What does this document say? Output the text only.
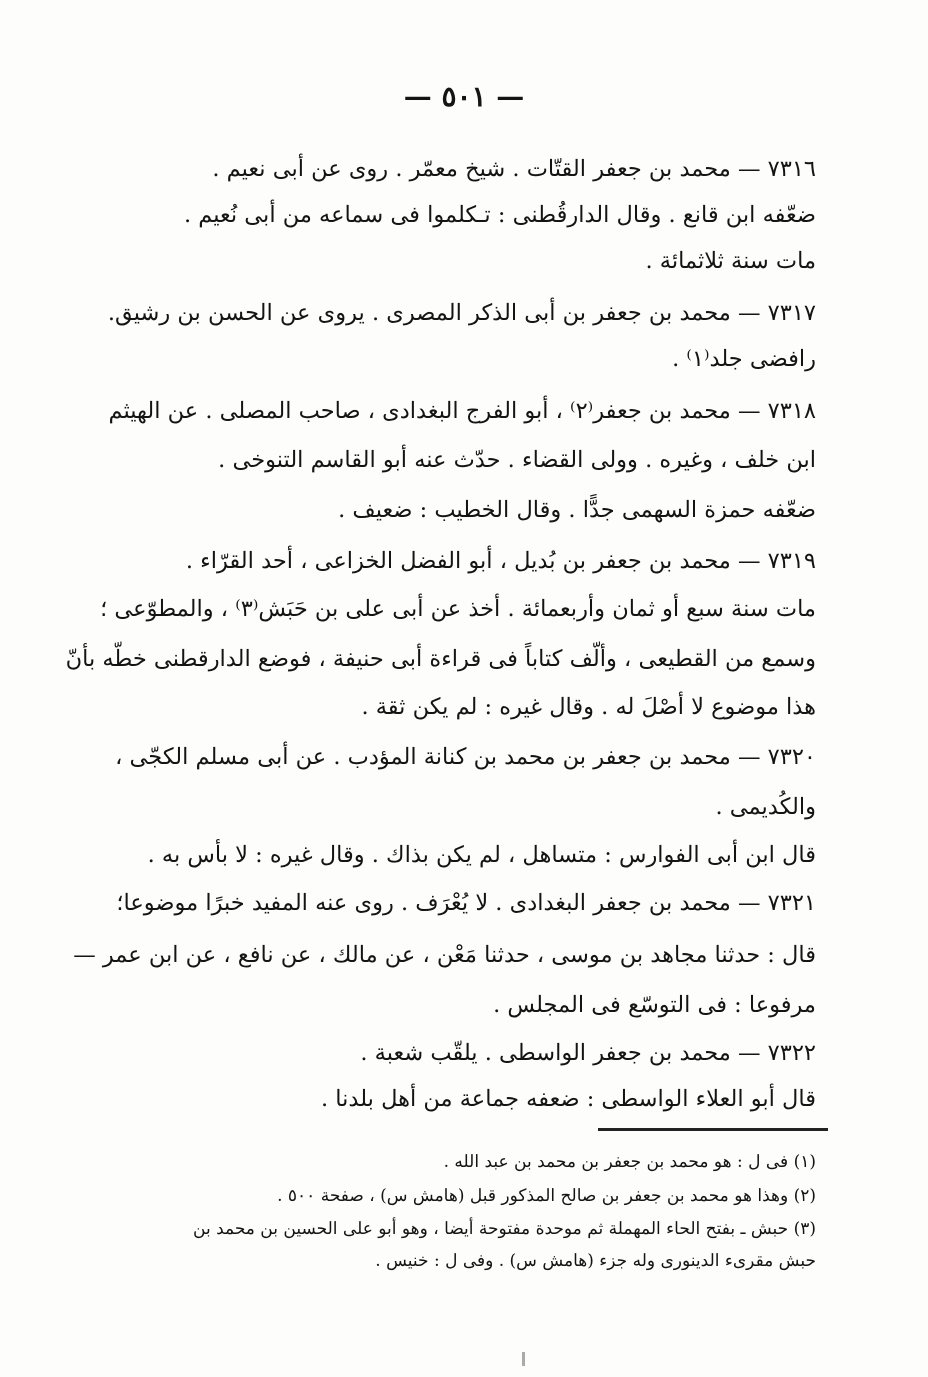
— ٥٠١ —
٧٣١٦ — محمد بن جعفر القتّات . شيخ معمّر . روى عن أبى نعيم .
ضعّفه ابن قانع . وقال الدارقُطنى : تـكلموا فى سماعه من أبى نُعيم .
مات سنة ثلاثمائة .
٧٣١٧ — محمد بن جعفر بن أبى الذكر المصرى . يروى عن الحسن بن رشيق.
رافضى جلد⁽١⁾ .
٧٣١٨ — محمد بن جعفر⁽٢⁾ ، أبو الفرج البغدادى ، صاحب المصلى . عن الهيثم
ابن خلف ، وغيره . وولى القضاء . حدّث عنه أبو القاسم التنوخى .
ضعّفه حمزة السهمى جدًّا . وقال الخطيب : ضعيف .
٧٣١٩ — محمد بن جعفر بن بُديل ، أبو الفضل الخزاعى ، أحد القرّاء .
مات سنة سبع أو ثمان وأربعمائة . أخذ عن أبى على بن حَبَش⁽٣⁾ ، والمطوّعى ؛
وسمع من القطيعى ، وألّف كتاباً فى قراءة أبى حنيفة ، فوضع الدارقطنى خطّه بأنّ
هذا موضوع لا أصْلَ له . وقال غيره : لم يكن ثقة .
٧٣٢٠ — محمد بن جعفر بن محمد بن كنانة المؤدب . عن أبى مسلم الكجّى ،
والكُديمى .
قال ابن أبى الفوارس : متساهل ، لم يكن بذاك . وقال غيره : لا بأس به .
٧٣٢١ — محمد بن جعفر البغدادى . لا يُعْرَف . روى عنه المفيد خبرًا موضوعا؛
قال : حدثنا مجاهد بن موسى ، حدثنا مَعْن ، عن مالك ، عن نافع ، عن ابن عمر —
مرفوعا : فى التوسّع فى المجلس .
٧٣٢٢ — محمد بن جعفر الواسطى . يلقّب شعبة .
قال أبو العلاء الواسطى : ضعفه جماعة من أهل بلدنا .
(١) فى ل : هو محمد بن جعفر بن محمد بن عبد الله .
(٢) وهذا هو محمد بن جعفر بن صالح المذكور قبل (هامش س) ، صفحة ٥٠٠ .
(٣) حبش ـ بفتح الحاء المهملة ثم موحدة مفتوحة أيضا ، وهو أبو على الحسين بن محمد بن
حبش مقرىء الدينورى وله جزء (هامش س) . وفى ل : خنيس .
